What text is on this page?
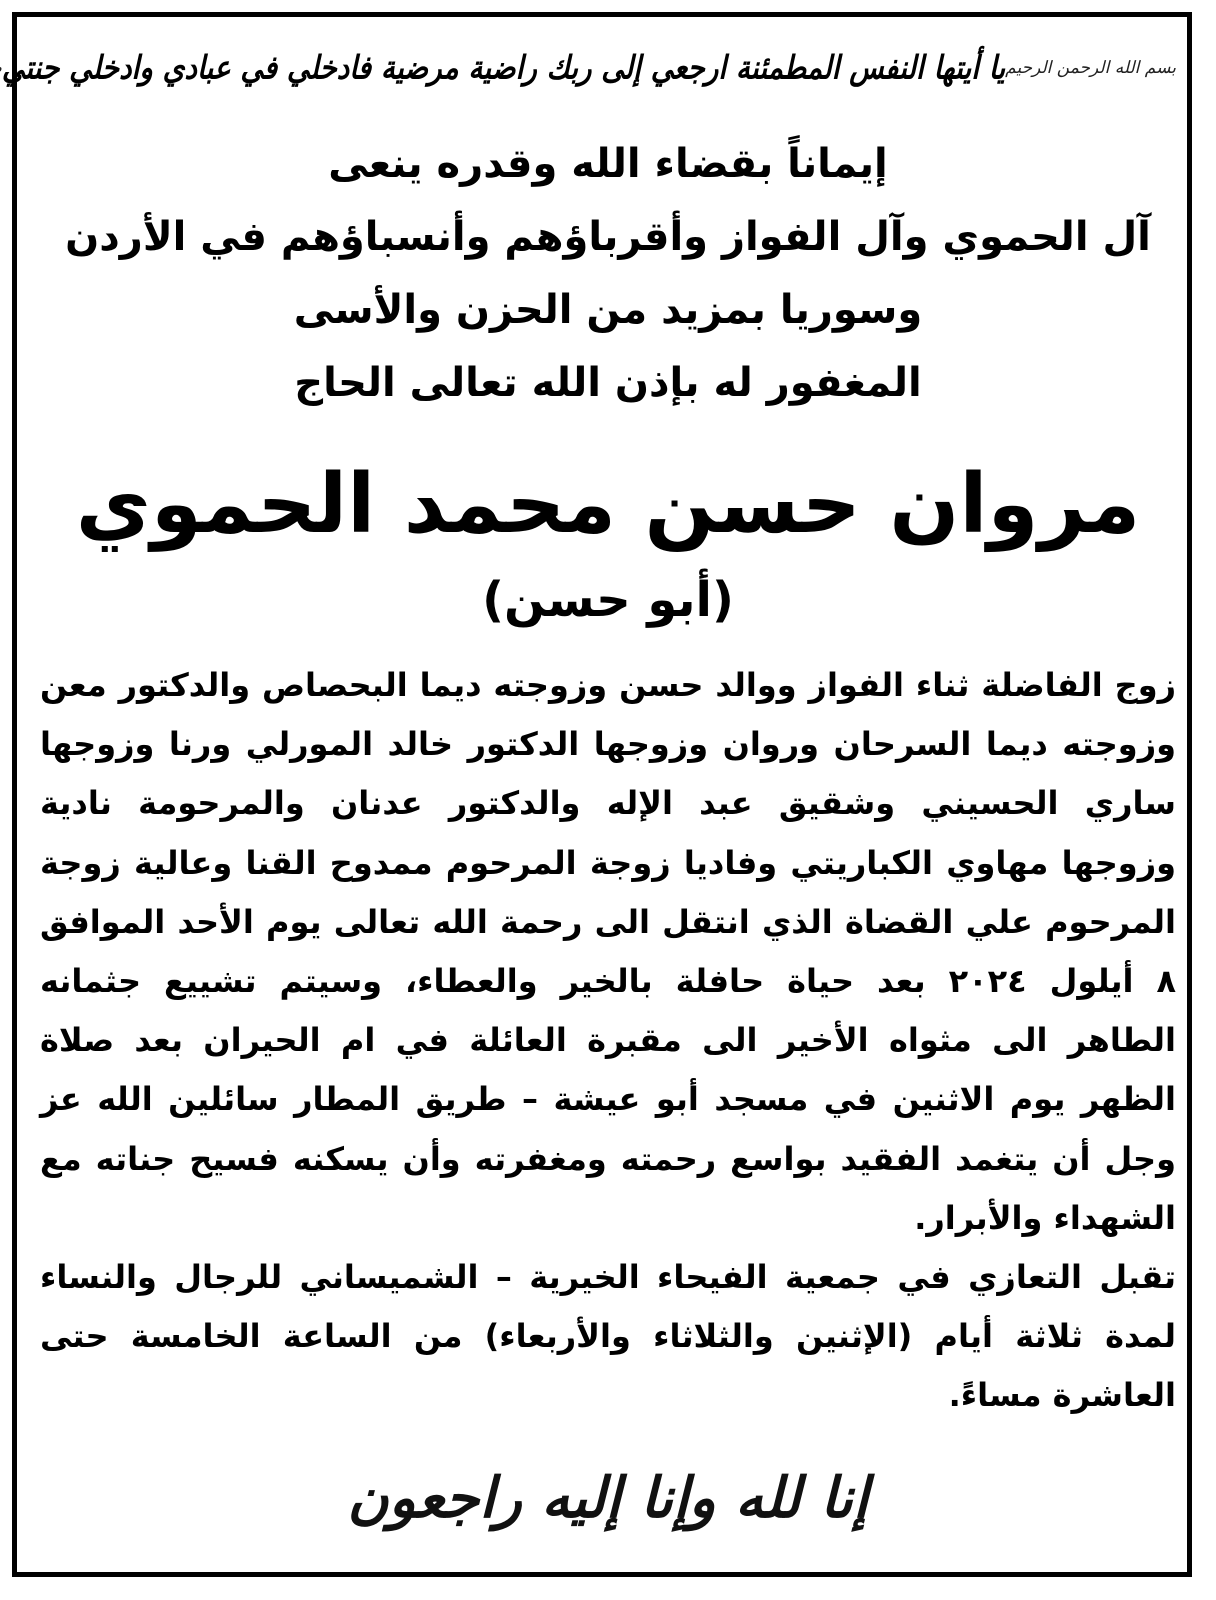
بسم الله الرحمن الرحيم
يا أيتها النفس المطمئنة ارجعي إلى ربك راضية مرضية فادخلي في عبادي وادخلي جنتي
إيماناً بقضاء الله وقدره ينعى
آل الحموي وآل الفواز وأقرباؤهم وأنسباؤهم في الأردن
وسوريا بمزيد من الحزن والأسى
المغفور له بإذن الله تعالى الحاج
مروان حسن محمد الحموي
(أبو حسن)

زوج الفاضلة ثناء الفواز ووالد حسن وزوجته ديما البحصاص والدكتور معن وزوجته ديما السرحان وروان وزوجها الدكتور خالد المورلي ورنا وزوجها ساري الحسيني وشقيق عبد الإله والدكتور عدنان والمرحومة نادية وزوجها مهاوي الكباريتي وفاديا زوجة المرحوم ممدوح القنا وعالية زوجة المرحوم علي القضاة الذي انتقل الى رحمة الله تعالى يوم الأحد الموافق ٨ أيلول ٢٠٢٤ بعد حياة حافلة بالخير والعطاء، وسيتم تشييع جثمانه الطاهر الى مثواه الأخير الى مقبرة العائلة في ام الحيران بعد صلاة الظهر يوم الاثنين في مسجد أبو عيشة – طريق المطار سائلين الله عز وجل أن يتغمد الفقيد بواسع رحمته ومغفرته وأن يسكنه فسيح جناته مع الشهداء والأبرار.

تقبل التعازي في جمعية الفيحاء الخيرية – الشميساني للرجال والنساء لمدة ثلاثة أيام (الإثنين والثلاثاء والأربعاء) من الساعة الخامسة حتى العاشرة مساءً.

إنا لله وإنا إليه راجعون
